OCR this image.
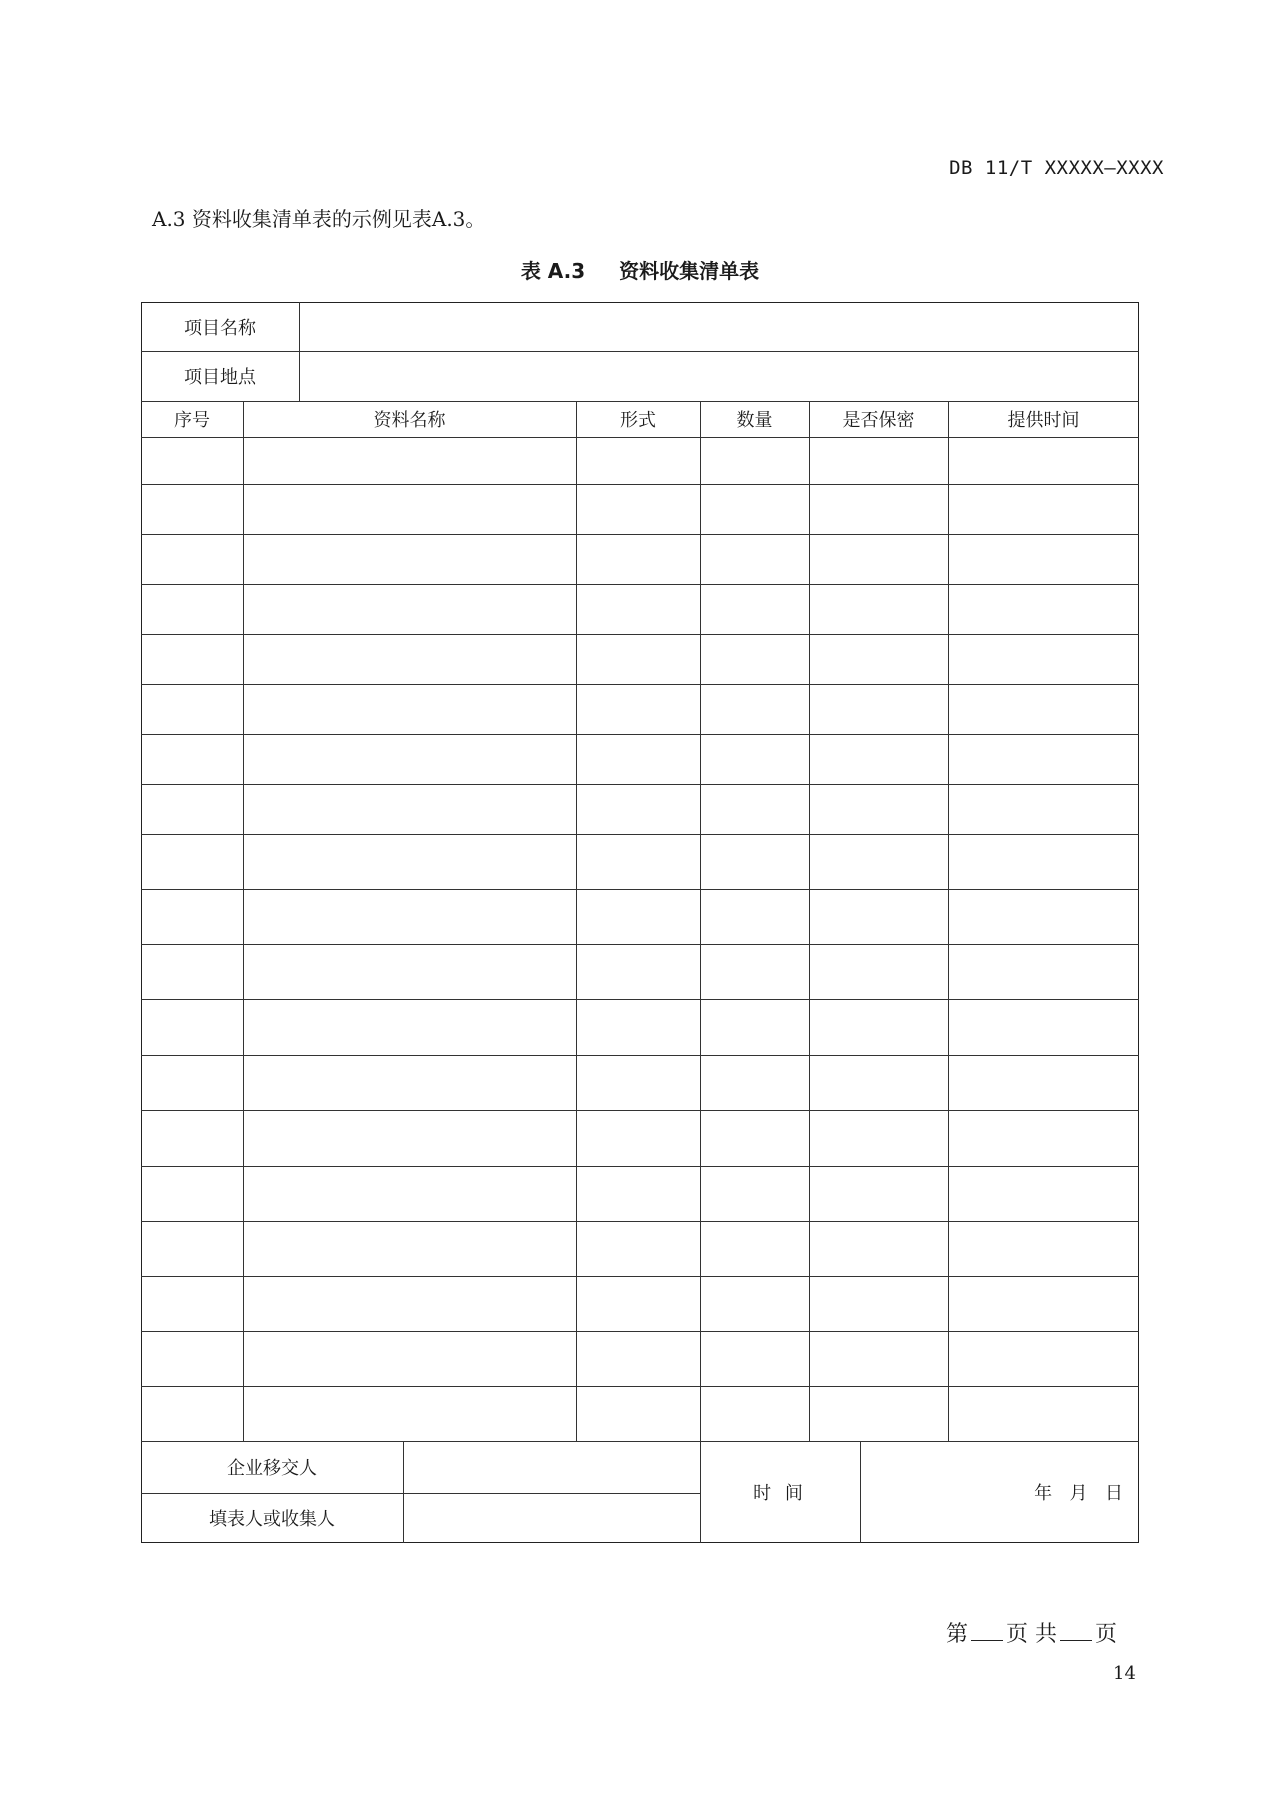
DB 11/T XXXXX—XXXX
A.3 资料收集清单表的示例见表A.3。
表 A.3 资料收集清单表
项目名称
项目地点
序号	资料名称	形式	数量	是否保密	提供时间
企业移交人
填表人或收集人
时 间	年  月  日
第 页 共 页
14
